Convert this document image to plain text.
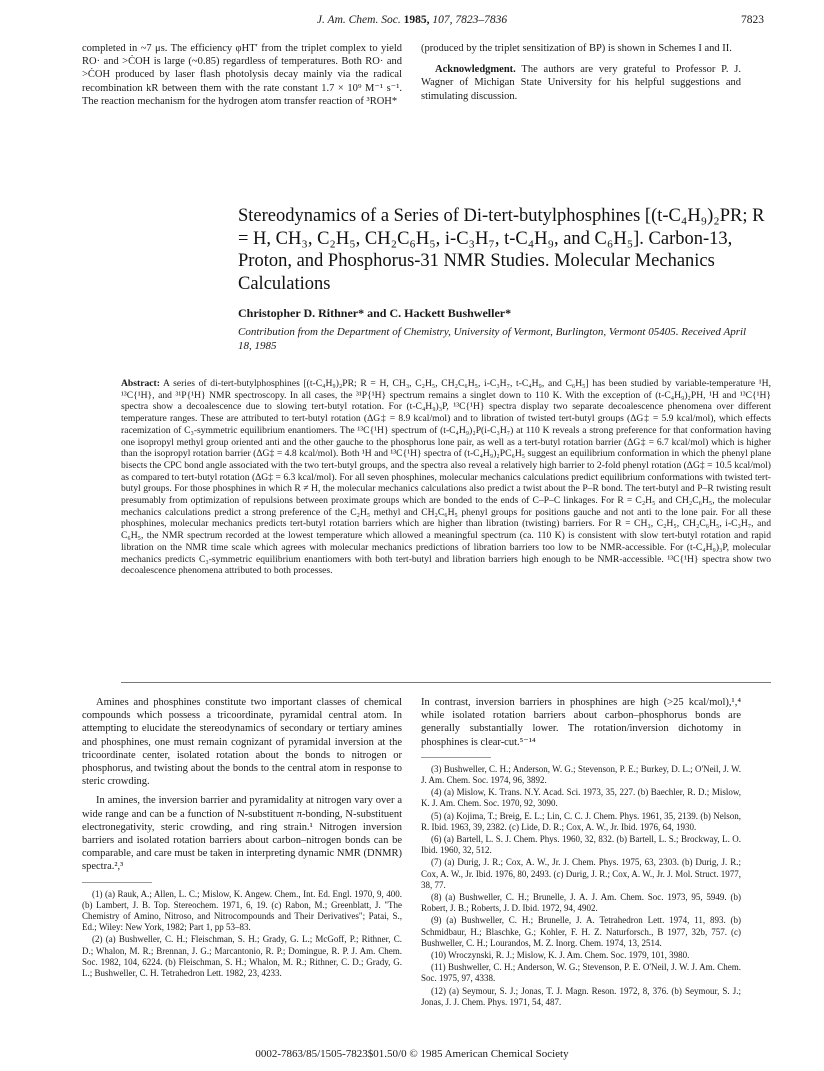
J. Am. Chem. Soc. 1985, 107, 7823–7836	7823

completed in ~7 μs. The efficiency φHT′ from the triplet complex to yield RO· and >ĊOH is large (~0.85) regardless of temperatures. Both RO· and >ĊOH produced by laser flash photolysis decay mainly via the radical recombination kR between them with the rate constant 1.7 × 10⁹ M⁻¹ s⁻¹. The reaction mechanism for the hydrogen atom transfer reaction of ³ROH*

(produced by the triplet sensitization of BP) is shown in Schemes I and II.

Acknowledgment. The authors are very grateful to Professor P. J. Wagner of Michigan State University for his helpful suggestions and stimulating discussion.

Stereodynamics of a Series of Di-tert-butylphosphines [(t-C₄H₉)₂PR; R = H, CH₃, C₂H₅, CH₂C₆H₅, i-C₃H₇, t-C₄H₉, and C₆H₅]. Carbon-13, Proton, and Phosphorus-31 NMR Studies. Molecular Mechanics Calculations
Christopher D. Rithner* and C. Hackett Bushweller*
Contribution from the Department of Chemistry, University of Vermont, Burlington, Vermont 05405. Received April 18, 1985
Abstract: A series of di-tert-butylphosphines [(t-C₄H₉)₂PR; R = H, CH₃, C₂H₅, CH₂C₆H₅, i-C₃H₇, t-C₄H₉, and C₆H₅] has been studied by variable-temperature ¹H, ¹³C{¹H}, and ³¹P{¹H} NMR spectroscopy. In all cases, the ³¹P{¹H} spectrum remains a singlet down to 110 K. With the exception of (t-C₄H₉)₂PH, ¹H and ¹³C{¹H} spectra show a decoalescence due to slowing tert-butyl rotation. For (t-C₄H₉)₃P, ¹³C{¹H} spectra display two separate decoalescence phenomena over different temperature ranges. These are attributed to tert-butyl rotation (ΔG‡ = 8.9 kcal/mol) and to libration of twisted tert-butyl groups (ΔG‡ = 5.9 kcal/mol), which effects racemization of C₃-symmetric equilibrium enantiomers. The ¹³C{¹H} spectrum of (t-C₄H₉)₂P(i-C₃H₇) at 110 K reveals a strong preference for that conformation having one isopropyl methyl group oriented anti and the other gauche to the phosphorus lone pair, as well as a tert-butyl rotation barrier (ΔG‡ = 6.7 kcal/mol) which is higher than the isopropyl rotation barrier (ΔG‡ = 4.8 kcal/mol). Both ¹H and ¹³C{¹H} spectra of (t-C₄H₉)₂PC₆H₅ suggest an equilibrium conformation in which the phenyl plane bisects the CPC bond angle associated with the two tert-butyl groups, and the spectra also reveal a relatively high barrier to 2-fold phenyl rotation (ΔG‡ = 10.5 kcal/mol) as compared to tert-butyl rotation (ΔG‡ = 6.3 kcal/mol). For all seven phosphines, molecular mechanics calculations predict equilibrium conformations with twisted tert-butyl groups. For those phosphines in which R ≠ H, the molecular mechanics calculations also predict a twist about the P–R bond. The tert-butyl and P–R twisting result presumably from optimization of repulsions between proximate groups which are bonded to the ends of C–P–C linkages. For R = C₂H₅ and CH₂C₆H₅, the molecular mechanics calculations predict a strong preference of the C₂H₅ methyl and CH₂C₆H₅ phenyl groups for positions gauche and not anti to the lone pair. For all these phosphines, molecular mechanics predicts tert-butyl rotation barriers which are higher than libration (twisting) barriers. For R = CH₃, C₂H₅, CH₂C₆H₅, i-C₃H₇, and C₆H₅, the NMR spectrum recorded at the lowest temperature which allowed a meaningful spectrum (ca. 110 K) is consistent with slow tert-butyl rotation and rapid libration on the NMR time scale which agrees with molecular mechanics predictions of libration barriers too low to be NMR-accessible. For (t-C₄H₉)₃P, molecular mechanics predicts C₃-symmetric equilibrium enantiomers with both tert-butyl and libration barriers high enough to be NMR-accessible. ¹³C{¹H} spectra show two decoalescence phenomena attributed to both processes.

Amines and phosphines constitute two important classes of chemical compounds which possess a tricoordinate, pyramidal central atom. In attempting to elucidate the stereodynamics of secondary or tertiary amines and phosphines, one must remain cognizant of pyramidal inversion at the tricoordinate center, isolated rotation about the bonds to nitrogen or phosphorus, and twisting about the bonds to the central atom in response to steric crowding.

In amines, the inversion barrier and pyramidality at nitrogen vary over a wide range and can be a function of N-substituent π-bonding, N-substituent electronegativity, steric crowding, and ring strain.¹ Nitrogen inversion barriers and isolated rotation barriers about carbon–nitrogen bonds can be comparable, and care must be taken in interpreting dynamic NMR (DNMR) spectra.²,³

(1) (a) Rauk, A.; Allen, L. C.; Mislow, K. Angew. Chem., Int. Ed. Engl. 1970, 9, 400. (b) Lambert, J. B. Top. Stereochem. 1971, 6, 19. (c) Rabon, M.; Greenblatt, J. "The Chemistry of Amino, Nitroso, and Nitrocompounds and Their Derivatives"; Patai, S., Ed.; Wiley: New York, 1982; Part 1, pp 53–83.

(2) (a) Bushweller, C. H.; Fleischman, S. H.; Grady, G. L.; McGoff, P.; Rithner, C. D.; Whalon, M. R.; Brennan, J. G.; Marcantonio, R. P.; Domingue, R. P. J. Am. Chem. Soc. 1982, 104, 6224. (b) Fleischman, S. H.; Whalon, M. R.; Rithner, C. D.; Grady, G. L.; Bushweller, C. H. Tetrahedron Lett. 1982, 23, 4233.

In contrast, inversion barriers in phosphines are high (>25 kcal/mol),¹,⁴ while isolated rotation barriers about carbon–phosphorus bonds are generally substantially lower. The rotation/inversion dichotomy in phosphines is clear-cut.⁵⁻¹⁴

(3) Bushweller, C. H.; Anderson, W. G.; Stevenson, P. E.; Burkey, D. L.; O'Neil, J. W. J. Am. Chem. Soc. 1974, 96, 3892.

(4) (a) Mislow, K. Trans. N.Y. Acad. Sci. 1973, 35, 227. (b) Baechler, R. D.; Mislow, K. J. Am. Chem. Soc. 1970, 92, 3090.

(5) (a) Kojima, T.; Breig, E. L.; Lin, C. C. J. Chem. Phys. 1961, 35, 2139. (b) Nelson, R. Ibid. 1963, 39, 2382. (c) Lide, D. R.; Cox, A. W., Jr. Ibid. 1976, 64, 1930.

(6) (a) Bartell, L. S. J. Chem. Phys. 1960, 32, 832. (b) Bartell, L. S.; Brockway, L. O. Ibid. 1960, 32, 512.

(7) (a) Durig, J. R.; Cox, A. W., Jr. J. Chem. Phys. 1975, 63, 2303. (b) Durig, J. R.; Cox, A. W., Jr. Ibid. 1976, 80, 2493. (c) Durig, J. R.; Cox, A. W., Jr. J. Mol. Struct. 1977, 38, 77.

(8) (a) Bushweller, C. H.; Brunelle, J. A. J. Am. Chem. Soc. 1973, 95, 5949. (b) Robert, J. B.; Roberts, J. D. Ibid. 1972, 94, 4902.

(9) (a) Bushweller, C. H.; Brunelle, J. A. Tetrahedron Lett. 1974, 11, 893. (b) Schmidbaur, H.; Blaschke, G.; Kohler, F. H. Z. Naturforsch., B 1977, 32b, 757. (c) Bushweller, C. H.; Lourandos, M. Z. Inorg. Chem. 1974, 13, 2514.

(10) Wroczynski, R. J.; Mislow, K. J. Am. Chem. Soc. 1979, 101, 3980.

(11) Bushweller, C. H.; Anderson, W. G.; Stevenson, P. E. O'Neil, J. W. J. Am. Chem. Soc. 1975, 97, 4338.

(12) (a) Seymour, S. J.; Jonas, T. J. Magn. Reson. 1972, 8, 376. (b) Seymour, S. J.; Jonas, J. J. Chem. Phys. 1971, 54, 487.

0002-7863/85/1505-7823$01.50/0 © 1985 American Chemical Society
